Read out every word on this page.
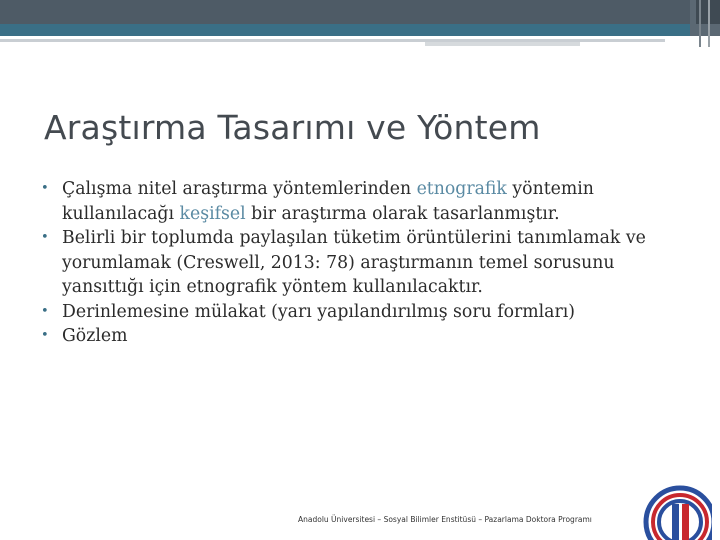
Araştırma Tasarımı ve Yöntem
• Çalışma nitel araştırma yöntemlerinden etnografik yöntemin kullanılacağı keşifsel bir araştırma olarak tasarlanmıştır.
• Belirli bir toplumda paylaşılan tüketim örüntülerini tanımlamak ve yorumlamak (Creswell, 2013: 78) araştırmanın temel sorusunu yansıttığı için etnografik yöntem kullanılacaktır.
• Derinlemesine mülakat (yarı yapılandırılmış soru formları)
• Gözlem
Anadolu Üniversitesi – Sosyal Bilimler Enstitüsü – Pazarlama Doktora Programı
